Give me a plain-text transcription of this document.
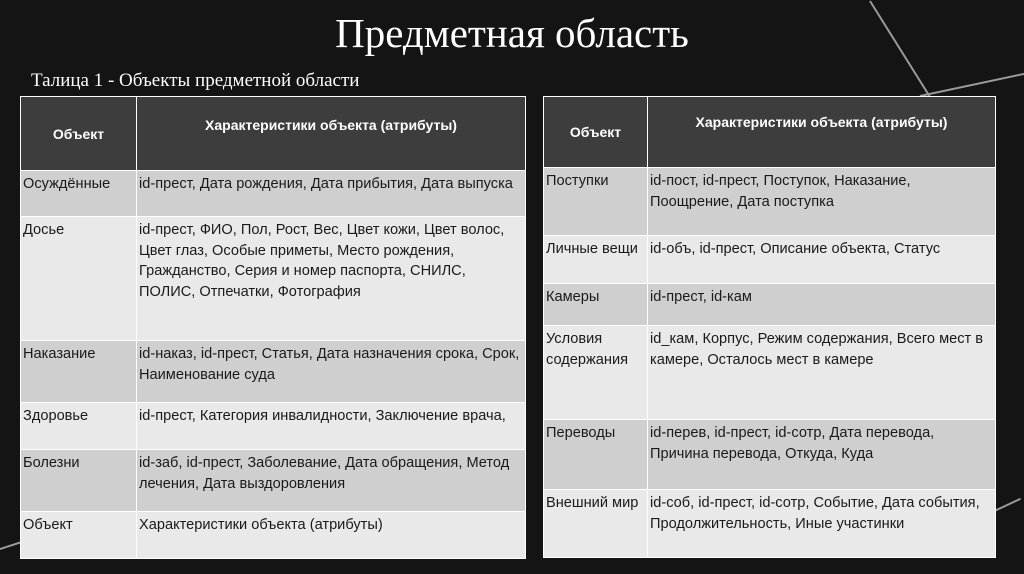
Предметная область
Талица 1 - Объекты предметной области
Объект	Характеристики объекта (атрибуты)
Осуждённые	id-прест, Дата рождения, Дата прибытия, Дата выпуска
Досье	id-прест, ФИО, Пол, Рост, Вес, Цвет кожи, Цвет волос, Цвет глаз, Особые приметы, Место рождения, Гражданство, Серия и номер паспорта, СНИЛС, ПОЛИС, Отпечатки, Фотография
Наказание	id-наказ, id-прест, Статья, Дата назначения срока, Срок, Наименование суда
Здоровье	id-прест, Категория инвалидности, Заключение врача,
Болезни	id-заб, id-прест, Заболевание, Дата обращения, Метод лечения, Дата выздоровления
Объект	Характеристики объекта (атрибуты)
Объект	Характеристики объекта (атрибуты)
Поступки	id-пост, id-прест, Поступок, Наказание, Поощрение, Дата поступка
Личные вещи	id-объ, id-прест, Описание объекта, Статус
Камеры	id-прест, id-кам
Условия содержания	id_кам, Корпус, Режим содержания, Всего мест в камере, Осталось мест в камере
Переводы	id-перев, id-прест, id-сотр, Дата перевода, Причина перевода, Откуда, Куда
Внешний мир	id-соб, id-прест, id-сотр, Событие, Дата события, Продолжительность, Иные участинки
